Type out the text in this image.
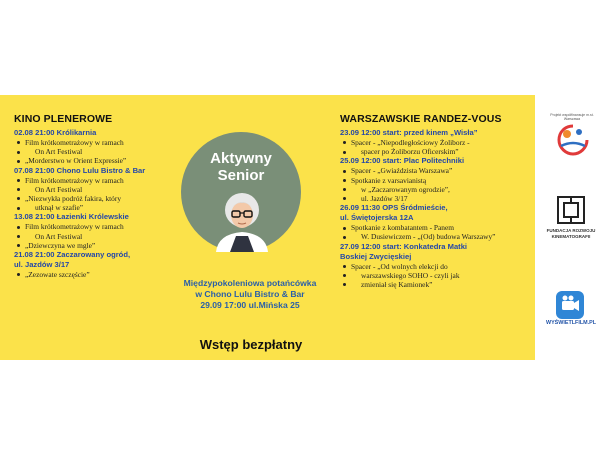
KINO PLENEROWE
02.08 21:00 Królikarnia
Film krótkometrażowy w ramach
On Art Festiwal
„Morderstwo w Orient Expressie”
07.08 21:00 Chono Lulu Bistro & Bar
Film krótkometrażowy w ramach
On Art Festiwal
„Niezwykła podróż fakira, który
utknął w szafie”
13.08 21:00 Łazienki Królewskie
Film krótkometrażowy w ramach
On Art Festiwal
„Dziewczyna we mgle”
21.08 21:00 Zaczarowany ogród,
ul. Jazdów 3/17
„Zezowate szczęście”
Aktywny
Senior
Międzypokoleniowa potańcówka
w Chono Lulu Bistro & Bar
29.09 17:00 ul.Mińska 25
Wstęp bezpłatny
WARSZAWSKIE RANDEZ-VOUS
23.09 12:00 start: przed kinem „Wisła”
Spacer - „Niepodległościowy Żoliborz -
spacer po Żoliborzu Oficerskim”
25.09 12:00 start: Plac Politechniki
Spacer - „Gwiaździsta Warszawa”
Spotkanie z varsavianistą
w „Zaczarowanym ogrodzie”,
ul. Jazdów 3/17
26.09 11:30 OPS Śródmieście,
ul. Świętojerska 12A
Spotkanie z kombatantem - Panem
W. Dusiewiczem - „(Od) budowa Warszawy”
27.09 12:00 start: Konkatedra Matki
Boskiej Zwycięskiej
Spacer - „Od wolnych elekcji do
warszawskiego SOHO - czyli jak
zmieniał się Kamionek”
Projekt współfinansuje m.st. Warszawa
FUNDACJA ROZWOJU
KINEMATOGRAFII
WYŚWIETLFILM.PL
